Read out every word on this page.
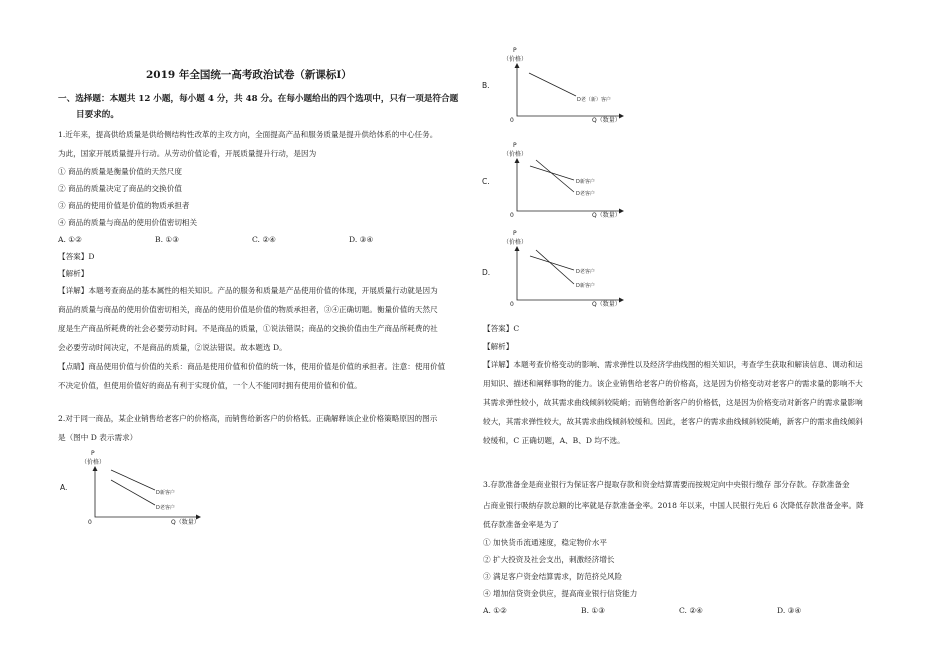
2019 年全国统一高考政治试卷（新课标Ⅰ）
一、选择题：本题共 12 小题，每小题 4 分，共 48 分。在每小题给出的四个选项中，只有一项是符合题
目要求的。
1.近年来，提高供给质量是供给侧结构性改革的主攻方向，全面提高产品和服务质量是提升供给体系的中心任务。
为此，国家开展质量提升行动。从劳动价值论看，开展质量提升行动，是因为
① 商品的质量是衡量价值的天然尺度
② 商品的质量决定了商品的交换价值
③ 商品的使用价值是价值的物质承担者
④ 商品的质量与商品的使用价值密切相关
A. ①②	B. ①③	C. ②④	D. ③④
【答案】D
【解析】
【详解】本题考查商品的基本属性的相关知识。产品的服务和质量是产品使用价值的体现，开展质量行动就是因为
商品的质量与商品的使用价值密切相关，商品的使用价值是价值的物质承担者，③④正确切题。衡量价值的天然尺
度是生产商品所耗费的社会必要劳动时间。不是商品的质量，①说法错误；商品的交换价值由生产商品所耗费的社
会必要劳动时间决定，不是商品的质量，②说法错误。故本题选 D。
【点睛】商品使用价值与价值的关系：商品是使用价值和价值的统一体，使用价值是价值的承担者。注意：使用价值
不决定价值，但使用价值好的商品有利于实现价值，一个人不能同时拥有使用价值和价值。
2.对于同一商品，某企业销售给老客户的价格高，而销售给新客户的价格低。正确解释该企业价格策略原因的图示
是（图中 D 表示需求）
A.
P
（价格）
0	Q（数量）
D新客户
D老客户
B.
P
（价格）
0	Q（数量）
D老（新）客户
C.
P
（价格）
0	Q（数量）
D新客户
D老客户
D.
P
（价格）
0	Q（数量）
D老客户
D新客户
【答案】C
【解析】
【详解】本题考查价格变动的影响、需求弹性以及经济学曲线图的相关知识，考查学生获取和解读信息、调动和运
用知识、描述和阐释事物的能力。该企业销售给老客户的价格高，这是因为价格变动对老客户的需求量的影响不大
其需求弹性较小，故其需求曲线倾斜较陡峭；而销售给新客户的价格低，这是因为价格变动对新客户的需求量影响
较大，其需求弹性较大，故其需求曲线倾斜较缓和。因此，老客户的需求曲线倾斜较陡峭，新客户的需求曲线倾斜
较缓和，C 正确切题，A、B、D 均不选。
3.存款准备金是商业银行为保证客户提取存款和资金结算需要而按规定向中央银行缴存 部分存款。存款准备金
占商业银行吸纳存款总额的比率就是存款准备金率。2018 年以来，中国人民银行先后 6 次降低存款准备金率。降
低存款准备金率是为了
① 加快货币流通速度，稳定物价水平
② 扩大投资及社会支出，刺激经济增长
③ 满足客户资金结算需求，防范挤兑风险
④ 增加信贷资金供应，提高商业银行信贷能力
A. ①②	B. ①③	C. ②④	D. ③④
